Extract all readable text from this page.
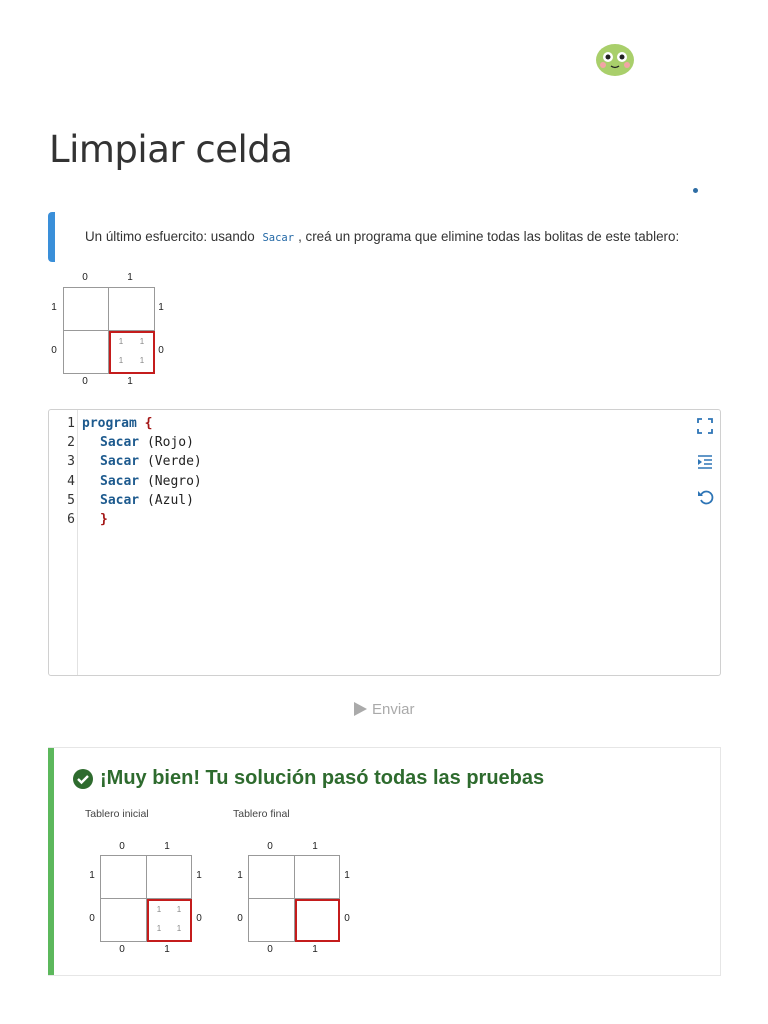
Limpiar celda
Un último esfuercito: usando Sacar , creá un programa que elimine todas las bolitas de este tablero:
0	1
1	1
0	0
1	1
1	1
0	1
1
2
3
4
5
6
program {
Sacar (Rojo)
Sacar (Verde)
Sacar (Negro)
Sacar (Azul)
}
Enviar
¡Muy bien! Tu solución pasó todas las pruebas
Tablero inicial	Tablero final
0	1
1	1
0	0
1	1
1	1
0	1
0	1
1	1
0	0
0	1
